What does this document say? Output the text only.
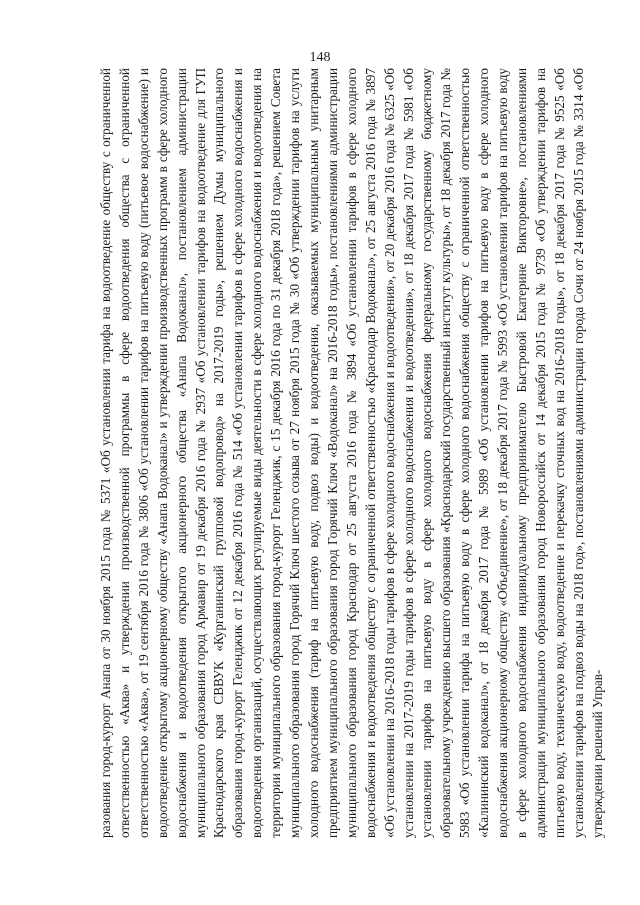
148

разования город-курорт Анапа от 30 ноября 2015 года № 5371 «Об установлении тарифа на водоотведение обществу с ограниченной ответственностью «Аква» и утверждении производственной программы в сфере водоотведения общества с ограниченной ответственностью «Аква», от 19 сентября 2016 года № 3806 «Об установлении тарифов на питьевую воду (питьевое водоснабжение) и водоотведение открытому акционерному обществу «Анапа Водоканал» и утверждении производственных программ в сфере холодного водоснабжения и водоотведения открытого акционерного общества «Анапа Водоканал», постановлением администрации муниципального образования город Армавир от 19 декабря 2016 года № 2937 «Об установлении тарифов на водоотведение для ГУП Краснодарского края СВВУК «Курганинский групповой водопровод» на 2017-2019 годы», решением Думы муниципального образования город-курорт Геленджик от 12 декабря 2016 года № 514 «Об установлении тарифов в сфере холодного водоснабжения и водоотведения организаций, осуществляющих регулируемые виды деятельности в сфере холодного водоснабжения и водоотведения на территории муниципального образования город-курорт Геленджик, с 15 декабря 2016 года по 31 декабря 2018 года», решением Совета муниципального образования город Горячий Ключ шестого созыва от 27 ноября 2015 года № 30 «Об утверждении тарифов на услуги холодного водоснабжения (тариф на питьевую воду, подвоз воды) и водоотведения, оказываемых муниципальным унитарным предприятием муниципального образования город Горячий Ключ «Водоканал» на 2016-2018 годы», постановлениями администрации муниципального образования город Краснодар от 25 августа 2016 года № 3894 «Об установлении тарифов в сфере холодного водоснабжения и водоотведения обществу с ограниченной ответственностью «Краснодар Водоканал», от 25 августа 2016 года № 3897 «Об установлении на 2016-2018 годы тарифов в сфере холодного водоснабжения и водоотведения», от 20 декабря 2016 года № 6325 «Об установлении на 2017-2019 годы тарифов в сфере холодного водоснабжения и водоотведения», от 18 декабря 2017 года № 5981 «Об установлении тарифов на питьевую воду в сфере холодного водоснабжения федеральному государственному бюджетному образовательному учреждению высшего образования «Краснодарский государственный институт культуры», от 18 декабря 2017 года № 5983 «Об установлении тарифа на питьевую воду в сфере холодного водоснабжения обществу с ограниченной ответственностью «Калининский водоканал», от 18 декабря 2017 года № 5989 «Об установлении тарифов на питьевую воду в сфере холодного водоснабжения акционерному обществу «Объединение», от 18 декабря 2017 года № 5993 «Об установлении тарифов на питьевую воду в сфере холодного водоснабжения индивидуальному предпринимателю Быстровой Екатерине Викторовне», постановлениями администрации муниципального образования город Новороссийск от 14 декабря 2015 года № 9739 «Об утверждении тарифов на питьевую воду, техническую воду, водоотведение и перекачку сточных вод на 2016-2018 годы», от 18 декабря 2017 года № 9525 «Об установлении тарифов на подвоз воды на 2018 год», постановлениями администрации города Сочи от 24 ноября 2015 года № 3314 «Об утверждении решений Управ-
